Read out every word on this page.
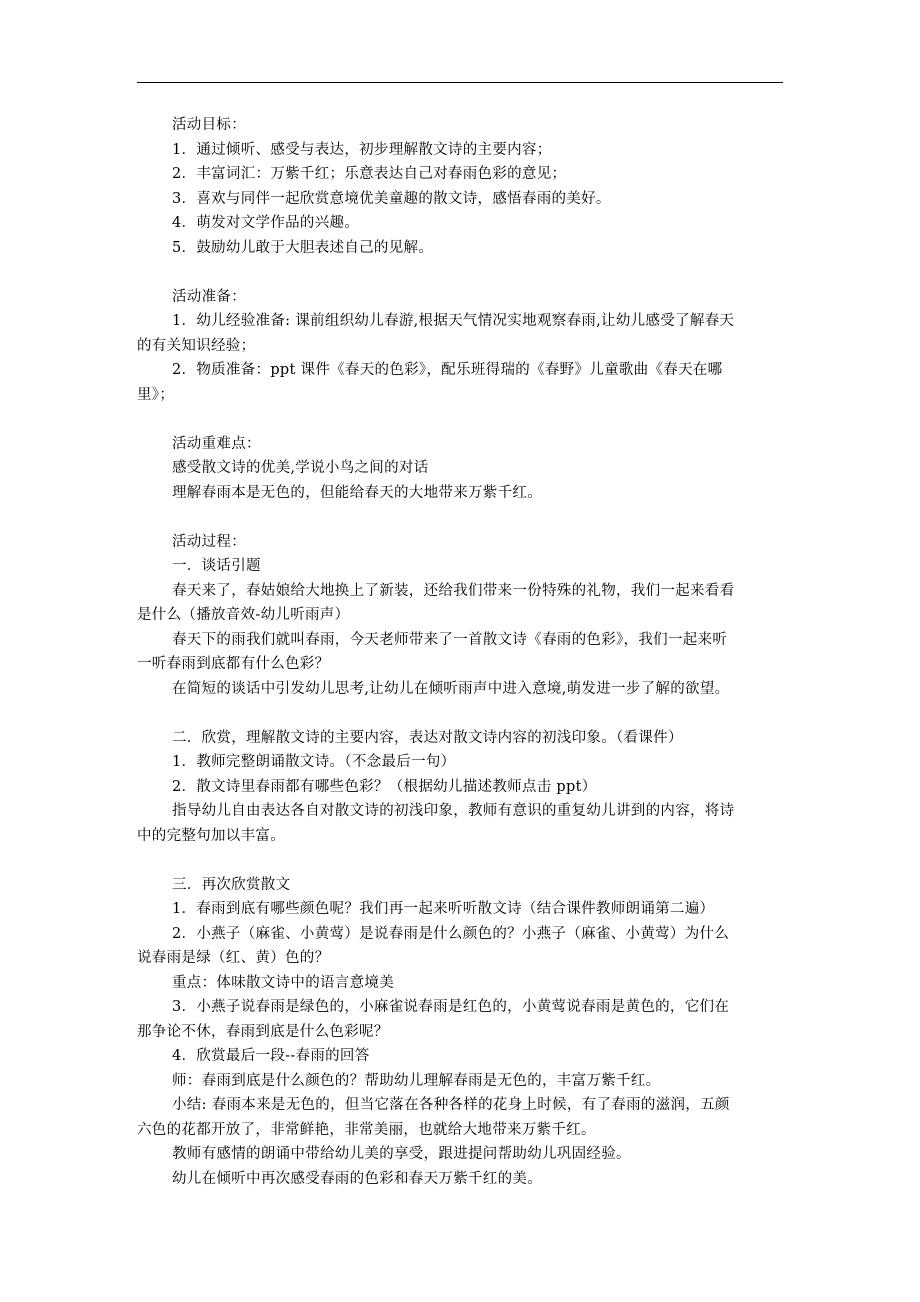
活动目标：
1．通过倾听、感受与表达，初步理解散文诗的主要内容；
2．丰富词汇：万紫千红；乐意表达自己对春雨色彩的意见；
3．喜欢与同伴一起欣赏意境优美童趣的散文诗，感悟春雨的美好。
4．萌发对文学作品的兴趣。
5．鼓励幼儿敢于大胆表述自己的见解。
活动准备：
1．幼儿经验准备: 课前组织幼儿春游,根据天气情况实地观察春雨,让幼儿感受了解春天
的有关知识经验；
2．物质准备：ppt 课件《春天的色彩》，配乐班得瑞的《春野》儿童歌曲《春天在哪
里》；
活动重难点：
感受散文诗的优美,学说小鸟之间的对话
理解春雨本是无色的，但能给春天的大地带来万紫千红。
活动过程：
一．谈话引题
春天来了，春姑娘给大地换上了新装，还给我们带来一份特殊的礼物，我们一起来看看
是什么（播放音效-幼儿听雨声）
春天下的雨我们就叫春雨，今天老师带来了一首散文诗《春雨的色彩》，我们一起来听
一听春雨到底都有什么色彩？
在简短的谈话中引发幼儿思考,让幼儿在倾听雨声中进入意境,萌发进一步了解的欲望。
二．欣赏，理解散文诗的主要内容，表达对散文诗内容的初浅印象。（看课件）
1．教师完整朗诵散文诗。（不念最后一句）
2．散文诗里春雨都有哪些色彩？（根据幼儿描述教师点击 ppt）
指导幼儿自由表达各自对散文诗的初浅印象，教师有意识的重复幼儿讲到的内容，将诗
中的完整句加以丰富。
三．再次欣赏散文
1．春雨到底有哪些颜色呢？我们再一起来听听散文诗（结合课件教师朗诵第二遍）
2．小燕子（麻雀、小黄莺）是说春雨是什么颜色的？小燕子（麻雀、小黄莺）为什么
说春雨是绿（红、黄）色的？
重点：体味散文诗中的语言意境美
3．小燕子说春雨是绿色的，小麻雀说春雨是红色的，小黄莺说春雨是黄色的，它们在
那争论不休，春雨到底是什么色彩呢？
4．欣赏最后一段--春雨的回答
师：春雨到底是什么颜色的？帮助幼儿理解春雨是无色的，丰富万紫千红。
小结: 春雨本来是无色的，但当它落在各种各样的花身上时候，有了春雨的滋润，五颜
六色的花都开放了，非常鲜艳，非常美丽，也就给大地带来万紫千红。
教师有感情的朗诵中带给幼儿美的享受，跟进提问帮助幼儿巩固经验。
幼儿在倾听中再次感受春雨的色彩和春天万紫千红的美。
